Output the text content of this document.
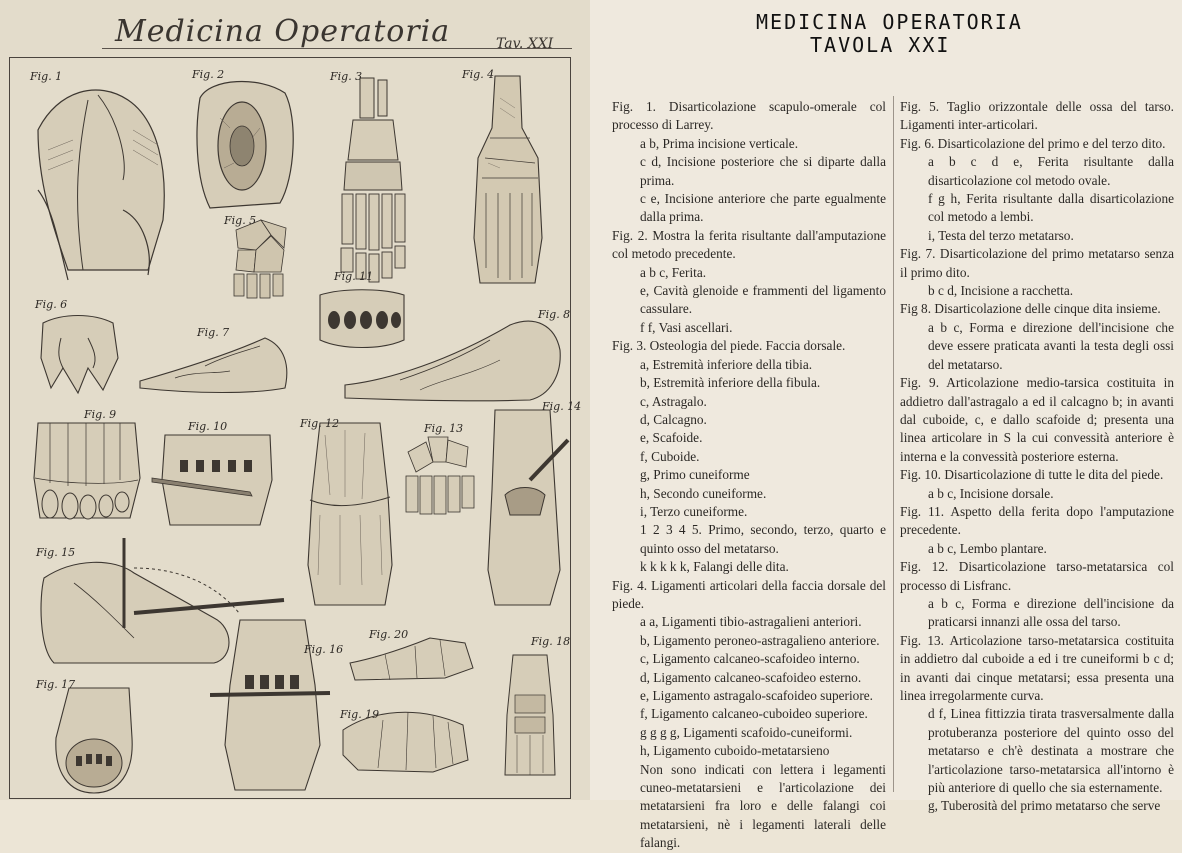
Medicina Operatoria	Tav. XXI
Fig. 1	Fig. 2	Fig. 3	Fig. 4
Fig. 5
Fig. 6
Fig. 7
Fig. 8
Fig. 11
Fig. 9
Fig. 10	Fig. 12	Fig. 13
Fig. 14
Fig. 15
Fig. 16
Fig. 20
Fig. 19
Fig. 18
Fig. 17
MEDICINA OPERATORIA
TAVOLA XXI

Fig. 1. Disarticolazione scapulo-omerale col processo di Larrey.

a b, Prima incisione verticale.

c d, Incisione posteriore che si diparte dalla prima.

c e, Incisione anteriore che parte egualmente dalla prima.

Fig. 2. Mostra la ferita risultante dall'amputazione col metodo precedente.

a b c, Ferita.

e, Cavità glenoide e frammenti del ligamento cassulare.

f f, Vasi ascellari.

Fig. 3. Osteologia del piede. Faccia dorsale.

a, Estremità inferiore della tibia.

b, Estremità inferiore della fibula.

c, Astragalo.

d, Calcagno.

e, Scafoide.

f, Cuboide.

g, Primo cuneiforme

h, Secondo cuneiforme.

i, Terzo cuneiforme.

1 2 3 4 5. Primo, secondo, terzo, quarto e quinto osso del metatarso.

k k k k k, Falangi delle dita.

Fig. 4. Ligamenti articolari della faccia dorsale del piede.

a a, Ligamenti tibio-astragalieni anteriori.

b, Ligamento peroneo-astragalieno anteriore.

c, Ligamento calcaneo-scafoideo interno.

d, Ligamento calcaneo-scafoideo esterno.

e, Ligamento astragalo-scafoideo superiore.

f, Ligamento calcaneo-cuboideo superiore.

g g g g, Ligamenti scafoido-cuneiformi.

h, Ligamento cuboido-metatarsieno

Non sono indicati con lettera i legamenti cuneo-metatarsieni e l'articolazione dei metatarsieni fra loro e delle falangi coi metatarsieni, nè i legamenti laterali delle falangi.

Fig. 5. Taglio orizzontale delle ossa del tarso. Ligamenti inter-articolari.

Fig. 6. Disarticolazione del primo e del terzo dito.

a b c d e, Ferita risultante dalla disarticolazione col metodo ovale.

f g h, Ferita risultante dalla disarticolazione col metodo a lembi.

i, Testa del terzo metatarso.

Fig. 7. Disarticolazione del primo metatarso senza il primo dito.

b c d, Incisione a racchetta.

Fig 8. Disarticolazione delle cinque dita insieme.

a b c, Forma e direzione dell'incisione che deve essere praticata avanti la testa degli ossi del metatarso.

Fig. 9. Articolazione medio-tarsica costituita in addietro dall'astragalo a ed il calcagno b; in avanti dal cuboide, c, e dallo scafoide d; presenta una linea articolare in S la cui convessità anteriore è interna e la convessità posteriore esterna.

Fig. 10. Disarticolazione di tutte le dita del piede.

a b c, Incisione dorsale.

Fig. 11. Aspetto della ferita dopo l'amputazione precedente.

a b c, Lembo plantare.

Fig. 12. Disarticolazione tarso-metatarsica col processo di Lisfranc.

a b c, Forma e direzione dell'incisione da praticarsi innanzi alle ossa del tarso.

Fig. 13. Articolazione tarso-metatarsica costituita in addietro dal cuboide a ed i tre cuneiformi b c d; in avanti dai cinque metatarsi; essa presenta una linea irregolarmente curva.

d f, Linea fittizzia tirata trasversalmente dalla protuberanza posteriore del quinto osso del metatarso e ch'è destinata a mostrare che l'articolazione tarso-metatarsica all'intorno è più anteriore di quello che sia esternamente.

g, Tuberosità del primo metatarso che serve
